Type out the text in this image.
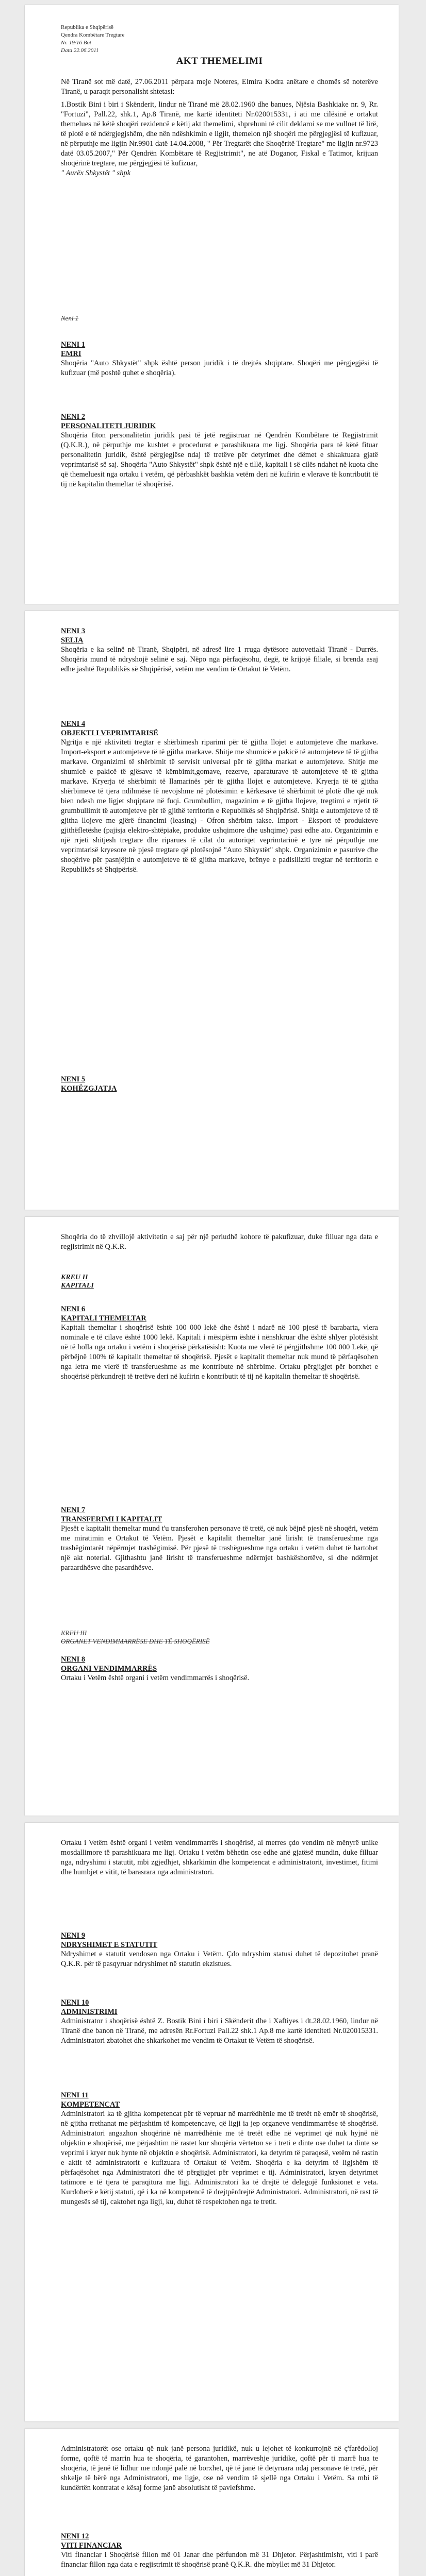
Republika e Shqipërisë
Qendra Kombëtare Tregtare
Nr. 19/16 Bot
Data 22.06.2011
AKT THEMELIMI

Në Tiranë sot më datë, 27.06.2011 përpara meje Noteres, Elmira Kodra anëtare e dhomës së noterëve Tiranë, u paraqit personalisht shtetasi:

1.Bostik Bini i biri i Skënderit, lindur në Tiranë më 28.02.1960 dhe banues, Njësia Bashkiake nr. 9, Rr. "Fortuzi", Pall.22, shk.1, Ap.8 Tiranë, me kartë identiteti Nr.020015331, i ati me cilësinë e ortakut themelues në këtë shoqëri rezidencë e këtij akt themelimi, shprehuni të cilit deklaroi se me vullnet të lirë, të plotë e të ndërgjegjshëm, dhe nën ndëshkimin e ligjit, themelon një shoqëri me përgjegjësi të kufizuar, në përputhje me ligjin Nr.9901 datë 14.04.2008, " Për Tregtarët dhe Shoqëritë Tregtare" me ligjin nr.9723 datë 03.05.2007," Për Qendrën Kombëtare të Regjistrimit", ne atë Doganor, Fiskal e Tatimor, krijuan shoqërinë tregtare, me përgjegjësi të kufizuar,

" Aurëx Shkystët " shpk

Neni 1
NENI 1
EMRI

Shoqëria "Auto Shkystët" shpk është person juridik i të drejtës shqiptare. Shoqëri me përgjegjësi të kufizuar (më poshtë quhet e shoqëria).

NENI 2
PERSONALITETI JURIDIK

Shoqëria fiton personalitetin juridik pasi të jetë regjistruar në Qendrën Kombëtare të Regjistrimit (Q.K.R.), në përputhje me kushtet e procedurat e parashikuara me ligj. Shoqëria para të këtë fituar personalitetin juridik, është përgjegjëse ndaj të tretëve për detyrimet dhe dëmet e shkaktuara gjatë veprimtarisë së saj. Shoqëria "Auto Shkystët" shpk është një e tillë, kapitali i së cilës ndahet në kuota dhe që themeluesit nga ortaku i vetëm, që përbashkët bashkia vetëm deri në kufirin e vlerave të kontributit të tij në kapitalin themeltar të shoqërisë.

NENI 3
SELIA

Shoqëria e ka selinë në Tiranë, Shqipëri, në adresë lire 1 rruga dytësore autovetiaki Tiranë - Durrës. Shoqëria mund të ndryshojë selinë e saj. Nëpo nga përfaqësohu, degë, të krijojë filiale, si brenda asaj edhe jashtë Republikës së Shqipërisë, vetëm me vendim të Ortakut të Vetëm.

NENI 4
OBJEKTI I VEPRIMTARISË

Ngritja e një aktiviteti tregtar e shërbimesh riparimi për të gjitha llojet e automjeteve dhe markave. Import-eksport e automjeteve të të gjitha markave. Shitje me shumicë e pakicë të automjeteve të të gjitha markave. Organizimi të shërbimit të servisit universal për të gjitha markat e automjeteve. Shitje me shumicë e pakicë të gjësave të këmbimit,gomave, rezerve, aparaturave të automjeteve të të gjitha markave. Kryerja të shërbimit të llamarinës për të gjitha llojet e automjeteve. Kryerja të të gjitha shërbimeve të tjera ndihmëse të nevojshme në plotësimin e kërkesave të shërbimit të plotë dhe që nuk bien ndesh me ligjet shqiptare në fuqi. Grumbullim, magazinim e të gjitha llojeve, tregtimi e rrjetit të grumbullimit të automjeteve për të gjithë territorin e Republikës së Shqipërisë. Shitja e automjeteve të të gjitha llojeve me gjërë financimi (leasing) - Ofron shërbim takse. Import - Eksport të produkteve gjithëfletëshe (pajisja elektro-shtëpiake, produkte ushqimore dhe ushqime) pasi edhe ato. Organizimin e një rrjeti shitjesh tregtare dhe riparues të cilat do autoriqet veprimtarinë e tyre në përputhje me veprimtarisë kryesore në pjesë tregtare që plotësojnë "Auto Shkystët" shpk. Organizimin e pasurive dhe shoqërive për pasnjëjtin e automjeteve të të gjitha markave, brënye e padisiliziti tregtar në territorin e Republikës së Shqipërisë.

NENI 5
KOHËZGJATJA

Shoqëria do të zhvillojë aktivitetin e saj për një periudhë kohore të pakufizuar, duke filluar nga data e regjistrimit në Q.K.R.

KREU II
KAPITALI
NENI 6
KAPITALI THEMELTAR

Kapitali themeltar i shoqërisë është 100 000 lekë dhe është i ndarë në 100 pjesë të barabarta, vlera nominale e të cilave është 1000 lekë. Kapitali i mësipërm është i nënshkruar dhe është shlyer plotësisht në të holla nga ortaku i vetëm i shoqërisë përkatësisht: Kuota me vlerë të përgjithshme 100 000 Lekë, që përbëjnë 100% të kapitalit themeltar të shoqërisë. Pjesët e kapitalit themeltar nuk mund të përfaqësohen nga letra me vlerë të transferueshme as me kontribute në shërbime. Ortaku përgjigjet për borxhet e shoqërisë përkundrejt të tretëve deri në kufirin e kontributit të tij në kapitalin themeltar të shoqërisë.

NENI 7
TRANSFERIMI I KAPITALIT

Pjesët e kapitalit themeltar mund t'u transferohen personave të tretë, që nuk bëjnë pjesë në shoqëri, vetëm me miratimin e Ortakut të Vetëm. Pjesët e kapitalit themeltar janë lirisht të transferueshme nga trashëgimtarët nëpërmjet trashëgimisë. Për pjesë të trashëgueshme nga ortaku i vetëm duhet të hartohet një akt noterial. Gjithashtu janë lirisht të transferueshme ndërmjet bashkëshortëve, si dhe ndërmjet paraardhësve dhe pasardhësve.

KREU III
ORGANET VENDIMMARRËSE DHE TË SHOQËRISË
NENI 8
ORGANI VENDIMMARRËS

Ortaku i Vetëm është organi i vetëm vendimmarrës i shoqërisë.

Ortaku i Vetëm është organi i vetëm vendimmarrës i shoqërisë, ai merres çdo vendim në mënyrë unike mosdallimore të parashikuara me ligj. Ortaku i vetëm bëhetin ose edhe anë gjatësë mundin, duke filluar nga, ndryshimi i statutit, mbi zgjedhjet, shkarkimin dhe kompetencat e administratorit, investimet, fitimi dhe humbjet e vitit, të barasrara nga administratori.

NENI 9
NDRYSHIMET E STATUTIT

Ndryshimet e statutit vendosen nga Ortaku i Vetëm. Çdo ndryshim statusi duhet të depozitohet pranë Q.K.R. për të pasqyruar ndryshimet në statutin ekzistues.

NENI 10
ADMINISTRIMI

Administrator i shoqërisë është Z. Bostik Bini i biri i Skënderit dhe i Xaftiyes i dt.28.02.1960, lindur në Tiranë dhe banon në Tiranë, me adresën Rr.Fortuzi Pall.22 shk.1 Ap.8 me kartë identiteti Nr.020015331. Administratori zbatohet dhe shkarkohet me vendim të Ortakut të Vetëm të shoqërisë.

NENI 11
KOMPETENCAT

Administratori ka të gjitha kompetencat për të vepruar në marrëdhënie me të tretët në emër të shoqërisë, në gjitha rrethanat me përjashtim të kompetencave, që ligji ia jep organeve vendimmarrëse të shoqërisë. Administratori angazhon shoqërinë në marrëdhënie me të tretët edhe në veprimet që nuk hyjnë në objektin e shoqërisë, me përjashtim në rastet kur shoqëria vërteton se i treti e dinte ose duhet ta dinte se veprimi i kryer nuk hynte në objektin e shoqërisë. Administratori, ka detyrim të paraqesë, vetëm në rastin e aktit të administratorit e kufizuara të Ortakut të Vetëm. Shoqëria e ka detyrim të ligjshëm të përfaqësohet nga Administratori dhe të përgjigjet për veprimet e tij. Administratori, kryen detyrimet tatimore e të tjera të paraqitura me ligj. Administratori ka të drejtë të delegojë funksionet e veta. Kurdoherë e këtij statuti, që i ka në kompetencë të drejtpërdrejtë Administratori. Administratori, në rast të mungesës së tij, caktohet nga ligji, ku, duhet të respektohen nga te tretit.

Administratorët ose ortaku që nuk janë persona juridikë, nuk u lejohet të konkurrojnë në ç'farëdolloj forme, qoftë të marrin hua te shoqëria, të garantohen, marrëveshje juridike, qoftë për ti marrë hua te shoqëria, të jenë të lidhur me ndonjë palë në borxhet, që të janë të detyruara ndaj personave të tretë, për shkelje të bërë nga Administratori, me ligje, ose në vendim të sjellë nga Ortaku i Vetëm. Sa mbi të kundërtën kontratat e kësaj forme janë absolutisht të pavlefshme.

NENI 12
VITI FINANCIAR

Viti financiar i Shoqërisë fillon më 01 Janar dhe përfundon më 31 Dhjetor. Përjashtimisht, viti i parë financiar fillon nga data e regjistrimit të shoqërisë pranë Q.K.R. dhe mbyllet më 31 Dhjetor.
